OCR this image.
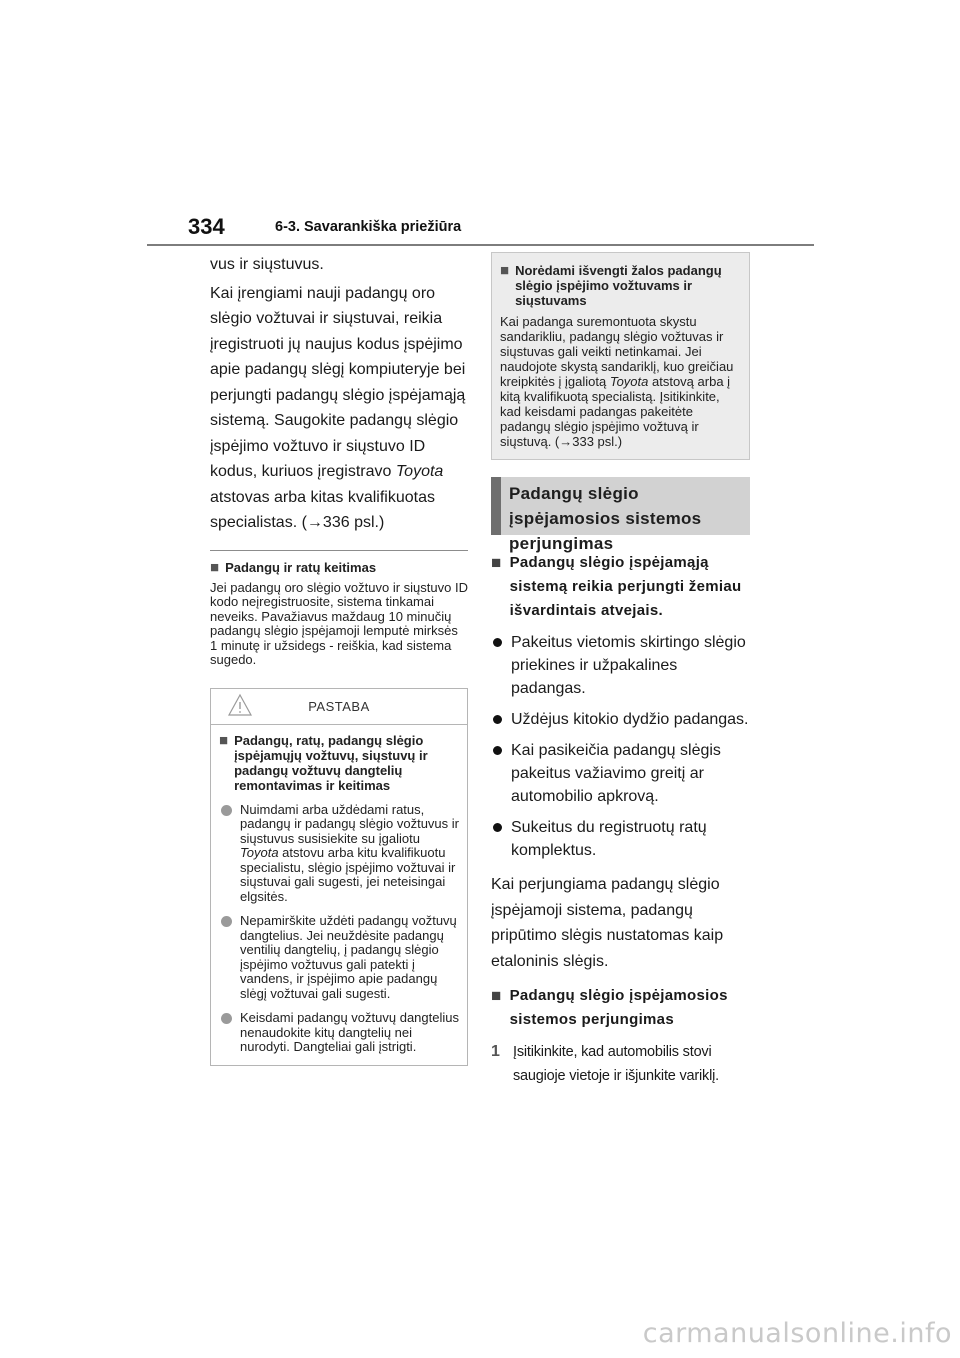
334	6-3. Savarankiška priežiūra

vus ir siųstuvus.

Kai įrengiami nauji padangų oro slėgio vožtuvai ir siųstuvai, reikia įregistruoti jų naujus kodus įspėjimo apie padangų slėgį kompiuteryje bei perjungti padangų slėgio įspėjamąją sistemą. Saugokite padangų slėgio įspėjimo vožtuvo ir siųstuvo ID kodus, kuriuos įregistravo Toyota atstovas arba kitas kvalifikuotas specialistas. (→336 psl.)

■ Padangų ir ratų keitimas
Jei padangų oro slėgio vožtuvo ir siųstuvo ID kodo neįregistruosite, sistema tinkamai neveiks. Pavažiavus maždaug 10 minučių padangų slėgio įspėjamoji lemputė mirksės 1 minutę ir užsidegs - reiškia, kad sistema sugedo.
PASTABA
■ Padangų, ratų, padangų slėgio įspėjamųjų vožtuvų, siųstuvų ir padangų vožtuvų dangtelių remontavimas ir keitimas
Nuimdami arba uždėdami ratus, padangų ir padangų slėgio vožtuvus ir siųstuvus susisiekite su įgaliotu Toyota atstovu arba kitu kvalifikuotu specialistu, slėgio įspėjimo vožtuvai ir siųstuvai gali sugesti, jei neteisingai elgsitės.
Nepamirškite uždėti padangų vožtuvų dangtelius. Jei neuždėsite padangų ventilių dangtelių, į padangų slėgio įspėjimo vožtuvus gali patekti į vandens, ir įspėjimo apie padangų slėgį vožtuvai gali sugesti.
Keisdami padangų vožtuvų dangtelius nenaudokite kitų dangtelių nei nurodyti. Dangteliai gali įstrigti.
■ Norėdami išvengti žalos padangų slėgio įspėjimo vožtuvams ir siųstuvams
Kai padanga suremontuota skystu sandarikliu, padangų slėgio vožtuvas ir siųstuvas gali veikti netinkamai. Jei naudojote skystą sandariklį, kuo greičiau kreipkitės į įgaliotą Toyota atstovą arba į kitą kvalifikuotą specialistą. Įsitikinkite, kad keisdami padangas pakeitėte padangų slėgio įspėjimo vožtuvą ir siųstuvą. (→333 psl.)
Padangų slėgio įspėjamosios sistemos perjungimas
■ Padangų slėgio įspėjamąją sistemą reikia perjungti žemiau išvardintais atvejais.
Pakeitus vietomis skirtingo slėgio priekines ir užpakalines padangas.
Uždėjus kitokio dydžio padangas.
Kai pasikeičia padangų slėgis pakeitus važiavimo greitį ar automobilio apkrovą.
Sukeitus du registruotų ratų komplektus.
Kai perjungiama padangų slėgio įspėjamoji sistema, padangų pripūtimo slėgis nustatomas kaip etaloninis slėgis.
■ Padangų slėgio įspėjamosios sistemos perjungimas
1 Įsitikinkite, kad automobilis stovi saugioje vietoje ir išjunkite variklį.
carmanualsonline.info
